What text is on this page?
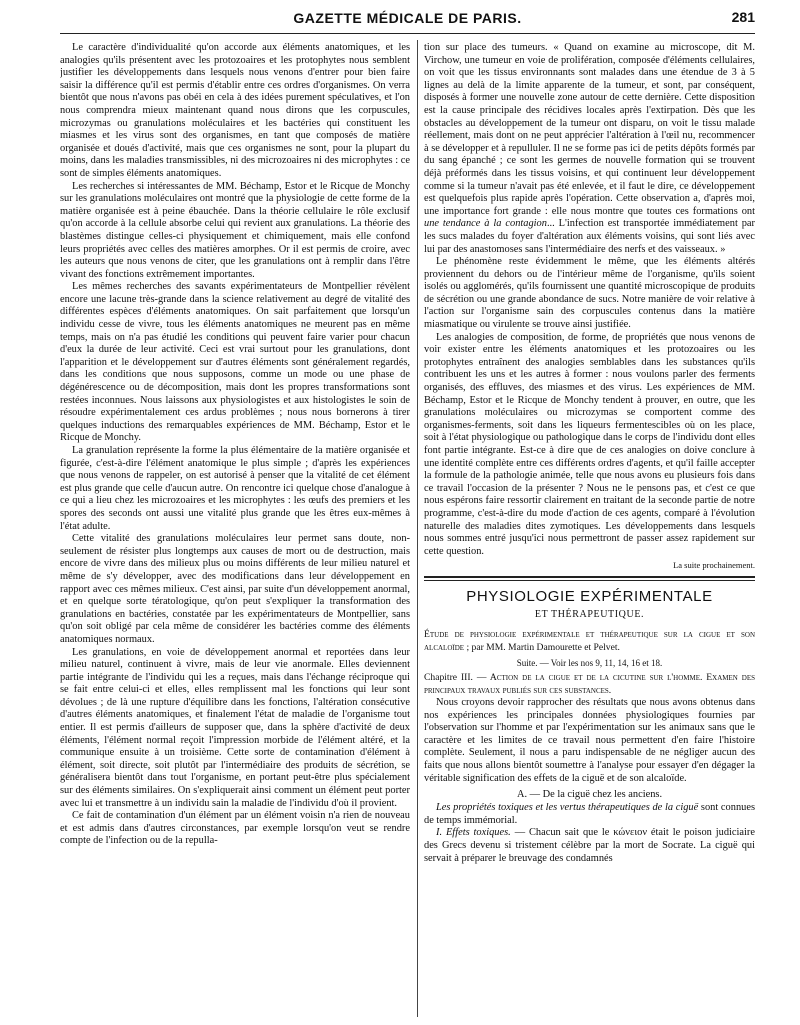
GAZETTE MÉDICALE DE PARIS.	281

Le caractère d'individualité qu'on accorde aux éléments anatomiques, et les analogies qu'ils présentent avec les protozoaires et les protophytes nous semblent justifier les développements dans lesquels nous venons d'entrer pour bien faire saisir la différence qu'il est permis d'établir entre ces ordres d'organismes. On verra bientôt que nous n'avons pas obéi en cela à des idées purement spéculatives, et l'on nous comprendra mieux maintenant quand nous dirons que les corpuscules, microzymas ou granulations moléculaires et les bactéries qui constituent les miasmes et les virus sont des organismes, en tant que composés de matière organisée et doués d'activité, mais que ces organismes ne sont, pour la plupart du moins, dans les maladies transmissibles, ni des microzoaires ni des microphytes : ce sont de simples éléments anatomiques.

Les recherches si intéressantes de MM. Béchamp, Estor et le Ricque de Monchy sur les granulations moléculaires ont montré que la physiologie de cette forme de la matière organisée est à peine ébauchée. Dans la théorie cellulaire le rôle exclusif qu'on accorde à la cellule absorbe celui qui revient aux granulations. La théorie des blastèmes distingue celles-ci physiquement et chimiquement, mais elle confond leurs propriétés avec celles des matières amorphes. Or il est permis de croire, avec les auteurs que nous venons de citer, que les granulations ont à remplir dans l'être vivant des fonctions extrêmement importantes.

Les mêmes recherches des savants expérimentateurs de Montpellier révèlent encore une lacune très-grande dans la science relativement au degré de vitalité des différentes espèces d'éléments anatomiques. On sait parfaitement que lorsqu'un individu cesse de vivre, tous les éléments anatomiques ne meurent pas en même temps, mais on n'a pas étudié les conditions qui peuvent faire varier pour chacun d'eux la durée de leur activité. Ceci est vrai surtout pour les granulations, dont l'apparition et le développement sur d'autres éléments sont généralement regardés, dans les conditions que nous supposons, comme un mode ou une phase de dégénérescence ou de décomposition, mais dont les propres transformations sont restées inconnues. Nous laissons aux physiologistes et aux histologistes le soin de résoudre expérimentalement ces ardus problèmes ; nous nous bornerons à tirer quelques inductions des remarquables expériences de MM. Béchamp, Estor et le Ricque de Monchy.

La granulation représente la forme la plus élémentaire de la matière organisée et figurée, c'est-à-dire l'élément anatomique le plus simple ; d'après les expériences que nous venons de rappeler, on est autorisé à penser que la vitalité de cet élément est plus grande que celle d'aucun autre. On rencontre ici quelque chose d'analogue à ce qui a lieu chez les microzoaires et les microphytes : les œufs des premiers et les spores des seconds ont aussi une vitalité plus grande que les êtres eux-mêmes à l'état adulte.

Cette vitalité des granulations moléculaires leur permet sans doute, non-seulement de résister plus longtemps aux causes de mort ou de destruction, mais encore de vivre dans des milieux plus ou moins différents de leur milieu naturel et même de s'y développer, avec des modifications dans leur développement en rapport avec ces mêmes milieux. C'est ainsi, par suite d'un développement anormal, et en quelque sorte tératologique, qu'on peut s'expliquer la transformation des granulations en bactéries, constatée par les expérimentateurs de Montpellier, sans qu'on soit obligé par cela même de considérer les bactéries comme des éléments anatomiques normaux.

Les granulations, en voie de développement anormal et reportées dans leur milieu naturel, continuent à vivre, mais de leur vie anormale. Elles deviennent partie intégrante de l'individu qui les a reçues, mais dans l'échange réciproque qui se fait entre celui-ci et elles, elles remplissent mal les fonctions qui leur sont dévolues ; de là une rupture d'équilibre dans les fonctions, l'altération consécutive d'autres éléments anatomiques, et finalement l'état de maladie de l'organisme tout entier. Il est permis d'ailleurs de supposer que, dans la sphère d'activité de deux éléments, l'élément normal reçoit l'impression morbide de l'élément altéré, et la communique ensuite à un troisième. Cette sorte de contamination d'élément à élément, soit directe, soit plutôt par l'intermédiaire des produits de sécrétion, se généralisera bientôt dans tout l'organisme, en portant peut-être plus spécialement sur des éléments similaires. On s'expliquerait ainsi comment un élément peut porter avec lui et transmettre à un individu sain la maladie de l'individu d'où il provient.

Ce fait de contamination d'un élément par un élément voisin n'a rien de nouveau et est admis dans d'autres circonstances, par exemple lorsqu'on veut se rendre compte de l'infection ou de la repulla-

tion sur place des tumeurs. « Quand on examine au microscope, dit M. Virchow, une tumeur en voie de prolifération, composée d'éléments cellulaires, on voit que les tissus environnants sont malades dans une étendue de 3 à 5 lignes au delà de la limite apparente de la tumeur, et sont, par conséquent, disposés à former une nouvelle zone autour de cette dernière. Cette disposition est la cause principale des récidives locales après l'extirpation. Dès que les obstacles au développement de la tumeur ont disparu, on voit le tissu malade réellement, mais dont on ne peut apprécier l'altération à l'œil nu, recommencer à se développer et à repulluler. Il ne se forme pas ici de petits dépôts formés par du sang épanché ; ce sont les germes de nouvelle formation qui se trouvent déjà préformés dans les tissus voisins, et qui continuent leur développement comme si la tumeur n'avait pas été enlevée, et il faut le dire, ce développement est quelquefois plus rapide après l'opération. Cette observation a, d'après moi, une importance fort grande : elle nous montre que toutes ces formations ont une tendance à la contagion... L'infection est transportée immédiatement par les sucs malades du foyer d'altération aux éléments voisins, qui sont liés avec lui par des anastomoses sans l'intermédiaire des nerfs et des vaisseaux. »

Le phénomène reste évidemment le même, que les éléments altérés proviennent du dehors ou de l'intérieur même de l'organisme, qu'ils soient isolés ou agglomérés, qu'ils fournissent une quantité microscopique de produits de sécrétion ou une grande abondance de sucs. Notre manière de voir relative à l'action sur l'organisme sain des corpuscules contenus dans la matière miasmatique ou virulente se trouve ainsi justifiée.

Les analogies de composition, de forme, de propriétés que nous venons de voir exister entre les éléments anatomiques et les protozoaires ou les protophytes entraînent des analogies semblables dans les substances qu'ils contribuent les uns et les autres à former : nous voulons parler des ferments organisés, des effluves, des miasmes et des virus. Les expériences de MM. Béchamp, Estor et le Ricque de Monchy tendent à prouver, en outre, que les granulations moléculaires ou microzymas se comportent comme des organismes-ferments, soit dans les liqueurs fermentescibles où on les place, soit à l'état physiologique ou pathologique dans le corps de l'individu dont elles font partie intégrante. Est-ce à dire que de ces analogies on doive conclure à une identité complète entre ces différents ordres d'agents, et qu'il faille accepter la formule de la pathologie animée, telle que nous avons eu plusieurs fois dans ce travail l'occasion de la présenter ? Nous ne le pensons pas, et c'est ce que nous espérons faire ressortir clairement en traitant de la seconde partie de notre programme, c'est-à-dire du mode d'action de ces agents, comparé à l'évolution naturelle des maladies dites zymotiques. Les développements dans lesquels nous sommes entré jusqu'ici nous permettront de passer assez rapidement sur cette question.

La suite prochainement.
PHYSIOLOGIE EXPÉRIMENTALE
ET THÉRAPEUTIQUE.
Étude de physiologie expérimentale et thérapeutique sur la cigue et son alcaloïde ; par MM. Martin Damourette et Pelvet.
Suite. — Voir les nos 9, 11, 14, 16 et 18.
Chapitre III. — Action de la cigue et de la cicutine sur l'homme. Examen des principaux travaux publiés sur ces substances.

Nous croyons devoir rapprocher des résultats que nous avons obtenus dans nos expériences les principales données physiologiques fournies par l'observation sur l'homme et par l'expérimentation sur les animaux sans que le caractère et les limites de ce travail nous permettent d'en faire l'histoire complète. Seulement, il nous a paru indispensable de ne négliger aucun des faits que nous allons bientôt soumettre à l'analyse pour essayer d'en dégager la véritable signification des effets de la ciguë et de son alcaloïde.

A. — De la ciguë chez les anciens.

Les propriétés toxiques et les vertus thérapeutiques de la ciguë sont connues de temps immémorial.

I. Effets toxiques. — Chacun sait que le κώνειον était le poison judiciaire des Grecs devenu si tristement célèbre par la mort de Socrate. La ciguë qui servait à préparer le breuvage des condamnés
